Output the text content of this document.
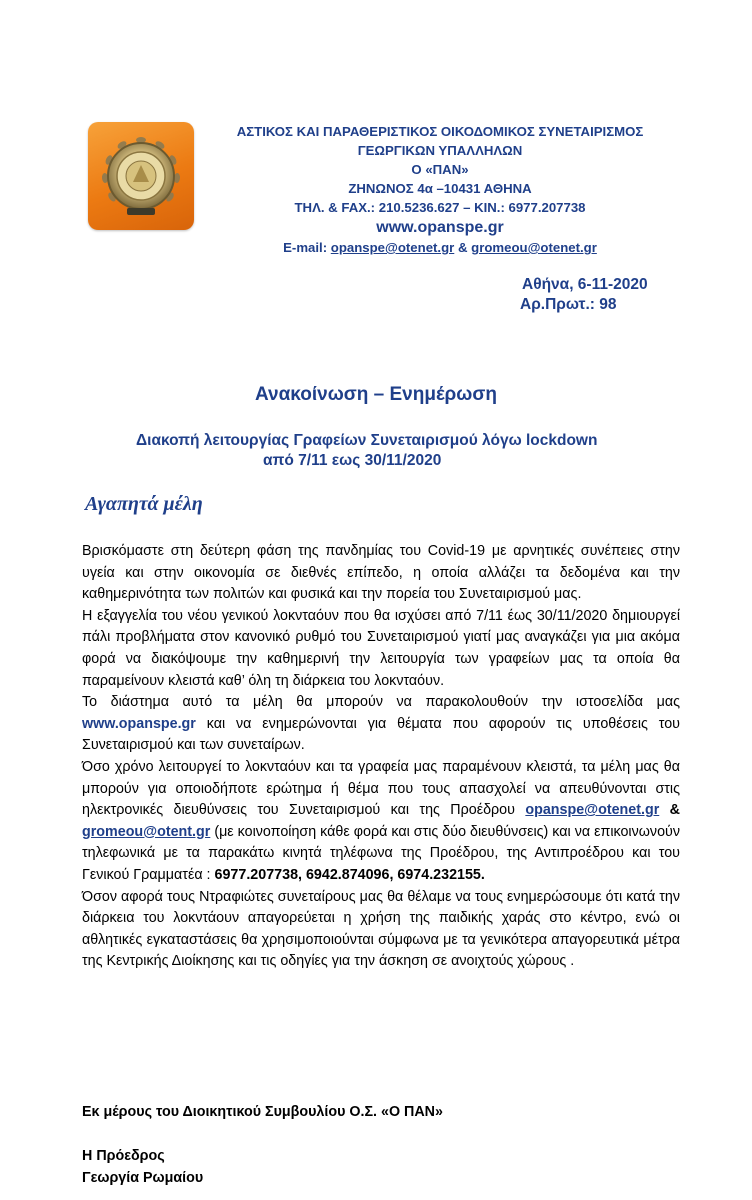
ΑΣΤΙΚΟΣ ΚΑΙ ΠΑΡΑΘΕΡΙΣΤΙΚΟΣ ΟΙΚΟΔΟΜΙΚΟΣ ΣΥΝΕΤΑΙΡΙΣΜΟΣ
ΓΕΩΡΓΙΚΩΝ ΥΠΑΛΛΗΛΩΝ
Ο «ΠΑΝ»
ΖΗΝΩΝΟΣ 4α –10431 ΑΘΗΝΑ
ΤΗΛ. & FAX.: 210.5236.627 – ΚΙΝ.: 6977.207738
www.opanspe.gr
E-mail: opanspe@otenet.gr & gromeou@otenet.gr
Αθήνα, 6-11-2020
Αρ.Πρωτ.: 98
Ανακοίνωση – Ενημέρωση
Διακοπή λειτουργίας Γραφείων Συνεταιρισμού λόγω lockdown
από 7/11 εως 30/11/2020
Αγαπητά μέλη

Βρισκόμαστε στη δεύτερη φάση της πανδημίας του Covid-19 με αρνητικές συνέπειες στην υγεία και στην οικονομία σε διεθνές επίπεδο, η οποία αλλάζει τα δεδομένα και την καθημερινότητα των πολιτών και φυσικά και την πορεία του Συνεταιρισμού μας.

Η εξαγγελία του νέου γενικού λοκνταόυν που θα ισχύσει από 7/11 έως 30/11/2020 δημιουργεί πάλι προβλήματα στον κανονικό ρυθμό του Συνεταιρισμού γιατί μας αναγκάζει για μια ακόμα φορά να διακόψουμε την καθημερινή την λειτουργία των γραφείων μας τα οποία θα παραμείνουν κλειστά καθ’ όλη τη διάρκεια του λοκνταόυν.

Το διάστημα αυτό τα μέλη θα μπορούν να παρακολουθούν την ιστοσελίδα μας www.opanspe.gr και να ενημερώνονται για θέματα που αφορούν τις υποθέσεις του Συνεταιρισμού και των συνεταίρων.

Όσο χρόνο λειτουργεί το λοκνταόυν και τα γραφεία μας παραμένουν κλειστά, τα μέλη μας θα μπορούν για οποιοδήποτε ερώτημα ή θέμα που τους απασχολεί να απευθύνονται στις ηλεκτρονικές διευθύνσεις του Συνεταιρισμού και της Προέδρου opanspe@otenet.gr & gromeou@otent.gr (με κοινοποίηση κάθε φορά και στις δύο διευθύνσεις) και να επικοινωνούν τηλεφωνικά με τα παρακάτω κινητά τηλέφωνα της Προέδρου, της Αντιπροέδρου και του Γενικού Γραμματέα : 6977.207738, 6942.874096, 6974.232155.

Όσον αφορά τους Ντραφιώτες συνεταίρους μας θα θέλαμε να τους ενημερώσουμε ότι κατά την διάρκεια του λοκντάουν απαγορεύεται η χρήση της παιδικής χαράς στο κέντρο, ενώ οι αθλητικές εγκαταστάσεις θα χρησιμοποιούνται σύμφωνα με τα γενικότερα απαγορευτικά μέτρα της Κεντρικής Διοίκησης και τις οδηγίες για την άσκηση σε ανοιχτούς χώρους .

Εκ μέρους του Διοικητικού Συμβουλίου Ο.Σ. «Ο ΠΑΝ»
Η Πρόεδρος
Γεωργία Ρωμαίου
